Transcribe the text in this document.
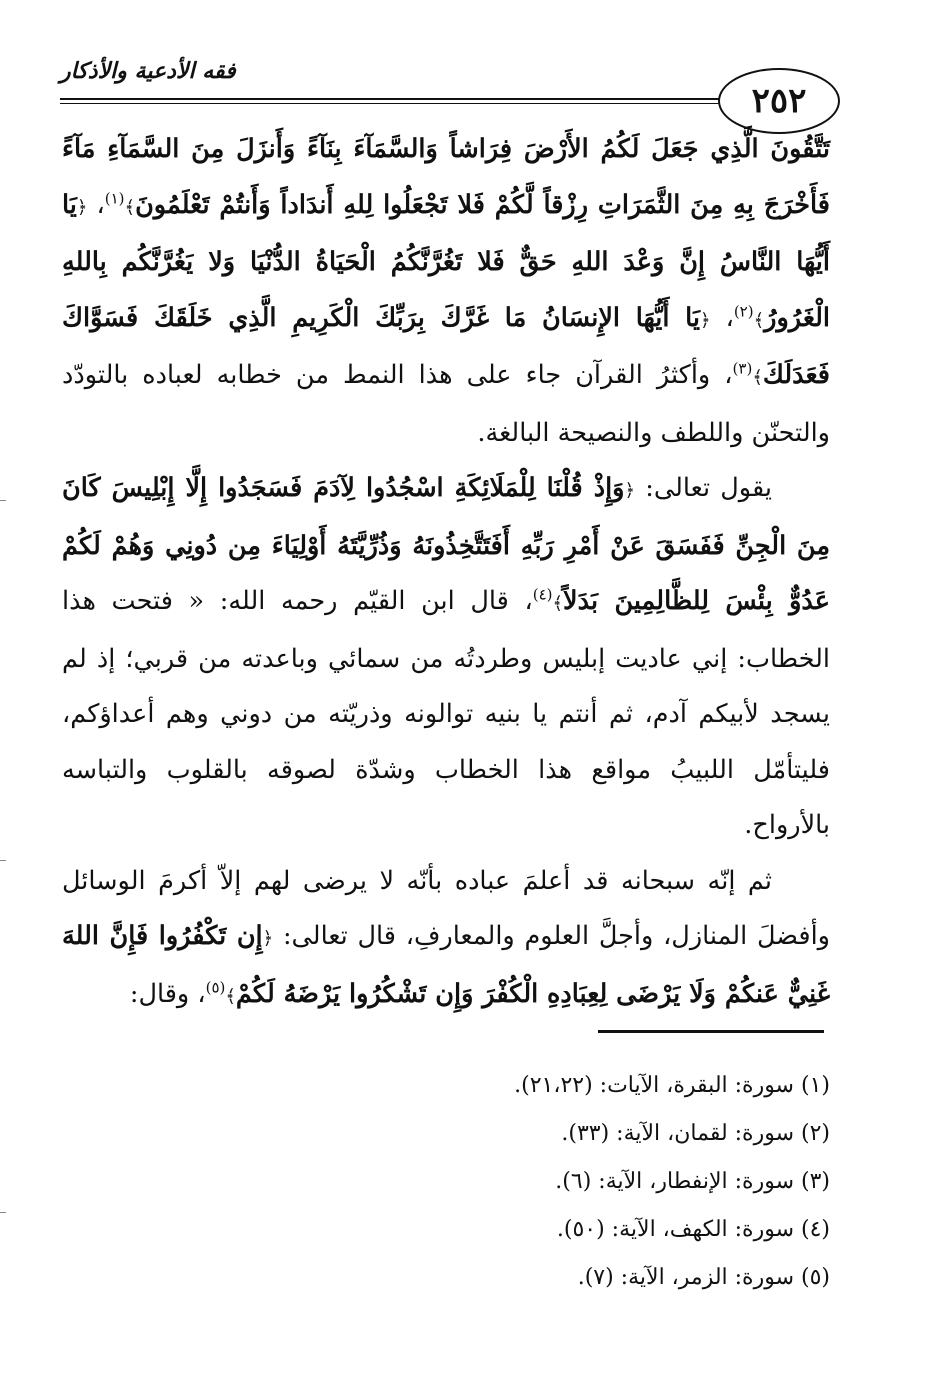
فقه الأدعية والأذكار
٢٥٢

تَتَّقُونَ الَّذِي جَعَلَ لَكُمُ الأَرْضَ فِرَاشاً وَالسَّمَآءَ بِنَآءً وَأَنزَلَ مِنَ السَّمَآءِ مَآءً فَأَخْرَجَ بِهِ مِنَ الثَّمَرَاتِ رِزْقاً لَّكُمْ فَلا تَجْعَلُوا لِلهِ أَندَاداً وَأَنتُمْ تَعْلَمُونَ﴾$^{(١)}$، ﴿يَا أَيُّهَا النَّاسُ إِنَّ وَعْدَ اللهِ حَقٌّ فَلا تَغُرَّنَّكُمُ الْحَيَاةُ الدُّنْيَا وَلا يَغُرَّنَّكُم بِاللهِ الْغَرُورُ﴾$^{(٢)}$، ﴿يَا أَيُّهَا الإِنسَانُ مَا غَرَّكَ بِرَبِّكَ الْكَرِيمِ الَّذِي خَلَقَكَ فَسَوَّاكَ فَعَدَلَكَ﴾$^{(٣)}$، وأكثرُ القرآن جاء على هذا النمط من خطابه لعباده بالتودّد والتحنّن واللطف والنصيحة البالغة.

يقول تعالى: ﴿وَإِذْ قُلْنَا لِلْمَلَائِكَةِ اسْجُدُوا لِآدَمَ فَسَجَدُوا إِلَّا إِبْلِيسَ كَانَ مِنَ الْجِنِّ فَفَسَقَ عَنْ أَمْرِ رَبِّهِ أَفَتَتَّخِذُونَهُ وَذُرِّيَّتَهُ أَوْلِيَاءَ مِن دُونِي وَهُمْ لَكُمْ عَدُوٌّ بِئْسَ لِلظَّالِمِينَ بَدَلاً﴾$^{(٤)}$، قال ابن القيّم رحمه الله: « فتحت هذا الخطاب: إني عاديت إبليس وطردتُه من سمائي وباعدته من قربي؛ إذ لم يسجد لأبيكم آدم، ثم أنتم يا بنيه توالونه وذريّته من دوني وهم أعداؤكم، فليتأمّل اللبيبُ مواقع هذا الخطاب وشدّة لصوقه بالقلوب والتباسه بالأرواح.

ثم إنّه سبحانه قد أعلمَ عباده بأنّه لا يرضى لهم إلاّ أكرمَ الوسائل وأفضلَ المنازل، وأجلَّ العلوم والمعارفِ، قال تعالى: ﴿إِن تَكْفُرُوا فَإِنَّ اللهَ غَنِيٌّ عَنكُمْ وَلَا يَرْضَى لِعِبَادِهِ الْكُفْرَ وَإِن تَشْكُرُوا يَرْضَهُ لَكُمْ﴾$^{(٥)}$، وقال:

(١) سورة: البقرة، الآيات: (٢١،٢٢).

(٢) سورة: لقمان، الآية: (٣٣).

(٣) سورة: الإنفطار، الآية: (٦).

(٤) سورة: الكهف، الآية: (٥٠).

(٥) سورة: الزمر، الآية: (٧).
